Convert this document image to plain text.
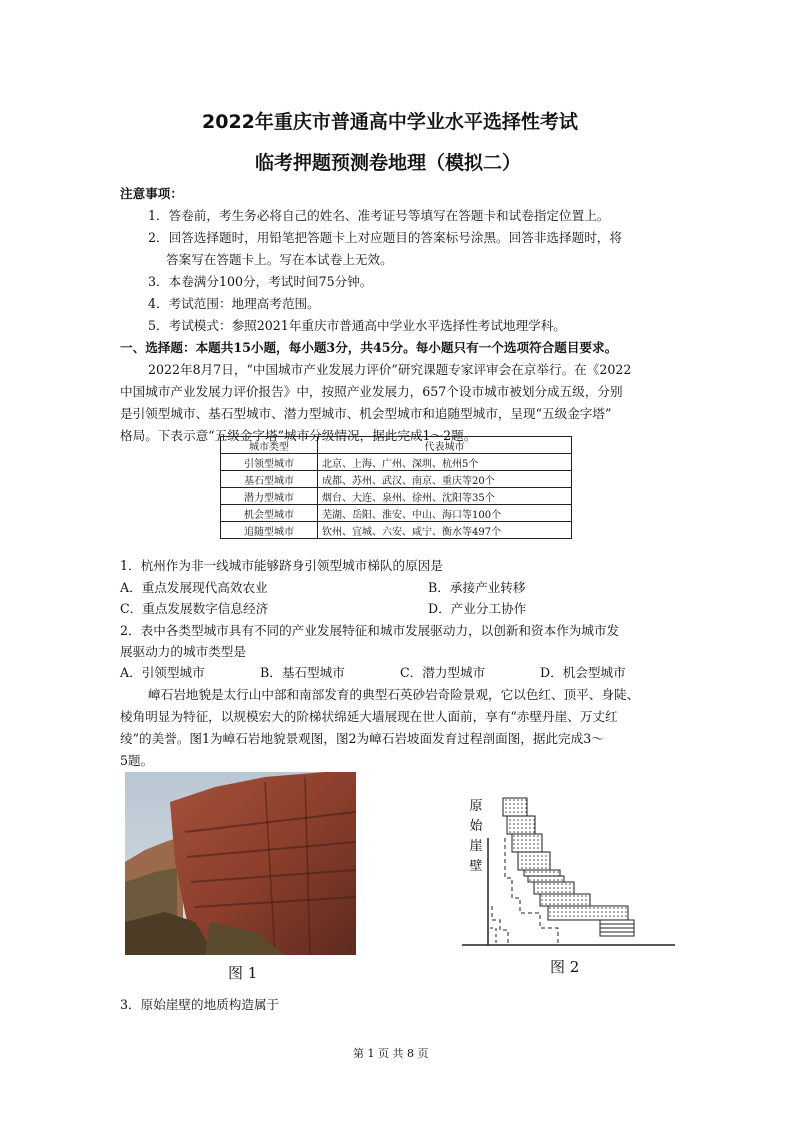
2022年重庆市普通高中学业水平选择性考试
临考押题预测卷地理（模拟二）
注意事项：
1．答卷前，考生务必将自己的姓名、准考证号等填写在答题卡和试卷指定位置上。
2．回答选择题时，用铅笔把答题卡上对应题目的答案标号涂黑。回答非选择题时，将
答案写在答题卡上。写在本试卷上无效。
3．本卷满分100分，考试时间75分钟。
4．考试范围：地理高考范围。
5．考试模式：参照2021年重庆市普通高中学业水平选择性考试地理学科。
一、选择题：本题共15小题，每小题3分，共45分。每小题只有一个选项符合题目要求。
2022年8月7日，“中国城市产业发展力评价”研究课题专家评审会在京举行。在《2022
中国城市产业发展力评价报告》中，按照产业发展力，657个设市城市被划分成五级，分别
是引领型城市、基石型城市、潜力型城市、机会型城市和追随型城市，呈现“五级金字塔”
格局。下表示意“五级金字塔”城市分级情况，据此完成1～2题。
城市类型	代表城市
引领型城市	北京、上海、广州、深圳、杭州5个
基石型城市	成都、苏州、武汉、南京、重庆等20个
潜力型城市	烟台、大连、泉州、徐州、沈阳等35个
机会型城市	芜湖、岳阳、淮安、中山、海口等100个
追随型城市	钦州、宜城、六安、咸宁、衡水等497个
1．杭州作为非一线城市能够跻身引领型城市梯队的原因是
A．重点发展现代高效农业	B．承接产业转移
C．重点发展数字信息经济	D．产业分工协作
2．表中各类型城市具有不同的产业发展特征和城市发展驱动力，以创新和资本作为城市发
展驱动力的城市类型是
A．引领型城市	B．基石型城市	C．潜力型城市	D．机会型城市
嶂石岩地貌是太行山中部和南部发育的典型石英砂岩奇险景观，它以色红、顶平、身陡、
棱角明显为特征，以规模宏大的阶梯状绵延大墙展现在世人面前，享有“赤壁丹崖、万丈红
绫”的美誉。图1为嶂石岩地貌景观图，图2为嶂石岩坡面发育过程剖面图，据此完成3～
5题。
图 1
原
始
崖
壁
图 2
3．原始崖壁的地质构造属于
第 1 页 共 8 页
